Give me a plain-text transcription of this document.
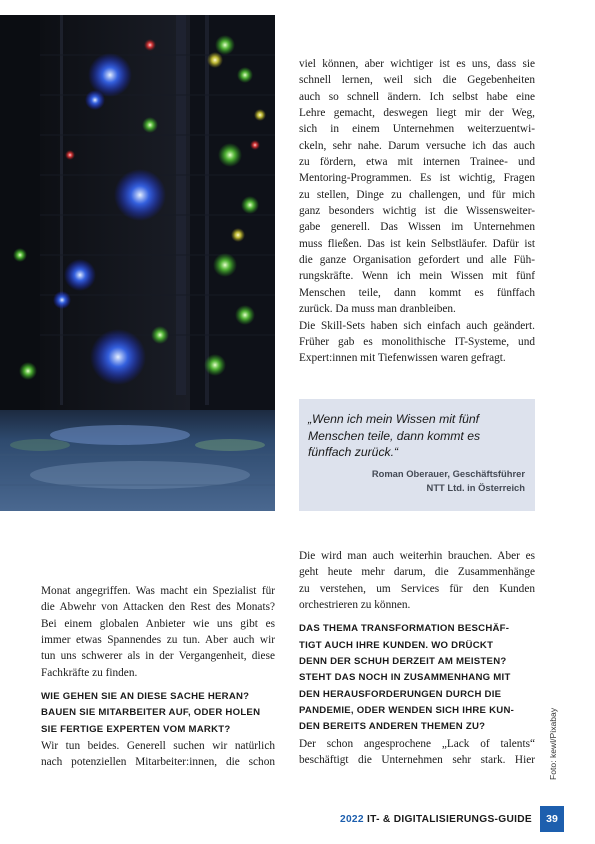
viel können, aber wichtiger ist es uns, dass sie
schnell lernen, weil sich die Gegebenheiten
auch so schnell ändern. Ich selbst habe eine
Lehre gemacht, deswegen liegt mir der Weg,
sich in einem Unternehmen weiterzuentwi-
ckeln, sehr nahe. Darum versuche ich das auch
zu fördern, etwa mit internen Trainee- und
Mentoring-Programmen. Es ist wichtig, Fragen
zu stellen, Dinge zu challengen, und für mich
ganz besonders wichtig ist die Wissensweiter-
gabe generell. Das Wissen im Unternehmen
muss fließen. Das ist kein Selbstläufer. Dafür ist
die ganze Organisation gefordert und alle Füh-
rungskräfte. Wenn ich mein Wissen mit fünf
Menschen teile, dann kommt es fünffach
zurück. Da muss man dranbleiben.
Die Skill-Sets haben sich einfach auch geändert.
Früher gab es monolithische IT-Systeme, und
Expert:innen mit Tiefenwissen waren gefragt.
„Wenn ich mein Wissen mit fünf
Menschen teile, dann kommt es
fünffach zurück.“
Roman Oberauer, Geschäftsführer
NTT Ltd. in Österreich
Monat angegriffen. Was macht ein Spezialist für
die Abwehr von Attacken den Rest des Monats?
Bei einem globalen Anbieter wie uns gibt es
immer etwas Spannendes zu tun. Aber auch wir
tun uns schwerer als in der Vergangenheit, diese
Fachkräfte zu finden.
WIE GEHEN SIE AN DIESE SACHE HERAN?
BAUEN SIE MITARBEITER AUF, ODER HOLEN
SIE FERTIGE EXPERTEN VOM MARKT?
Wir tun beides. Generell suchen wir natürlich
nach potenziellen Mitarbeiter:innen, die schon
Die wird man auch weiterhin brauchen. Aber es
geht heute mehr darum, die Zusammenhänge
zu verstehen, um Services für den Kunden
orchestrieren zu können.
DAS THEMA TRANSFORMATION BESCHÄF-
TIGT AUCH IHRE KUNDEN. WO DRÜCKT
DENN DER SCHUH DERZEIT AM MEISTEN?
STEHT DAS NOCH IN ZUSAMMENHANG MIT
DEN HERAUSFORDERUNGEN DURCH DIE
PANDEMIE, ODER WENDEN SICH IHRE KUN-
DEN BEREITS ANDEREN THEMEN ZU?
Der schon angesprochene „Lack of talents“
beschäftigt die Unternehmen sehr stark. Hier Foto: kewl/Pixabay
2022 IT- & DIGITALISIERUNGS-GUIDE	39
